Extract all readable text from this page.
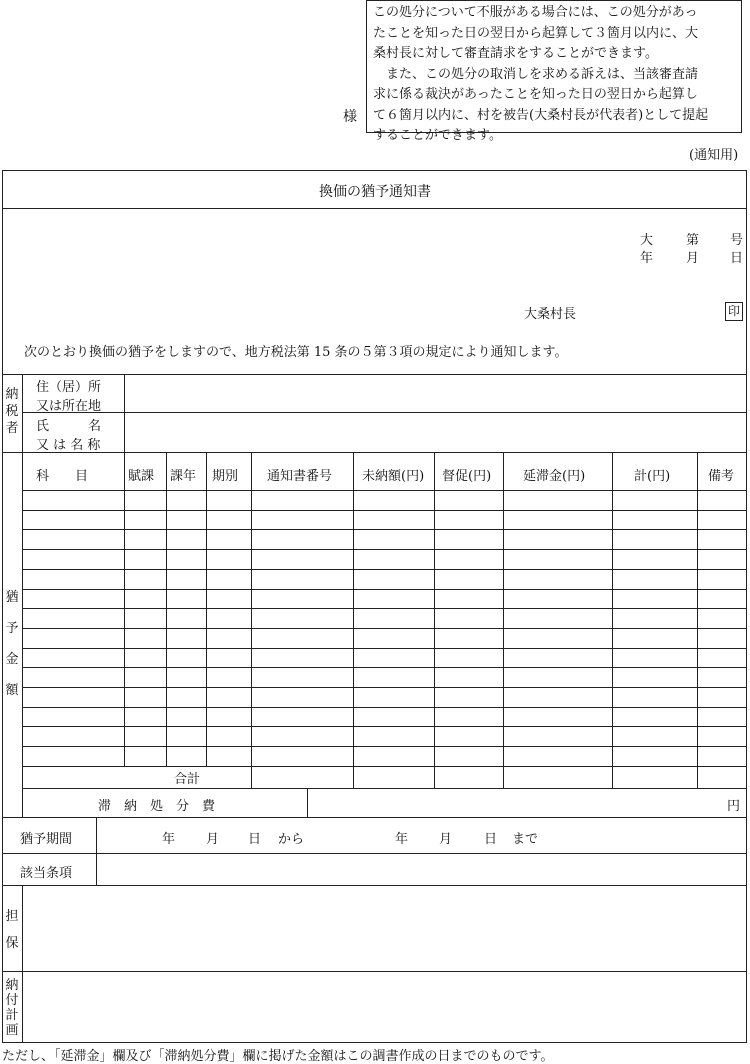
この処分について不服がある場合には、この処分があっ

たことを知った日の翌日から起算して３箇月以内に、大

桑村長に対して審査請求をすることができます。

また、この処分の取消しを求める訴えは、当該審査請

求に係る裁決があったことを知った日の翌日から起算し

て６箇月以内に、村を被告(大桑村長が代表者)として提起

することができます。

様
(通知用)
換価の猶予通知書
大	第 号
年	月 日
大桑村長	印
次のとおり換価の猶予をしますので、地方税法第 15 条の５第３項の規定により通知します。
納税者
住（居）所
又は所在地
氏　　　名
又 は 名 称
猶予金額
科　　目	賦課 課年 期別 通知書番号 未納額(円) 督促(円) 延滞金(円)	計(円)	備考
合計
滞　納　処　分　費	円
猶予期間	年 月 日 から	年 月 日 まで
該当条項
担保
納付計画
ただし、「延滞金」欄及び「滞納処分費」欄に掲げた金額はこの調書作成の日までのものです。
